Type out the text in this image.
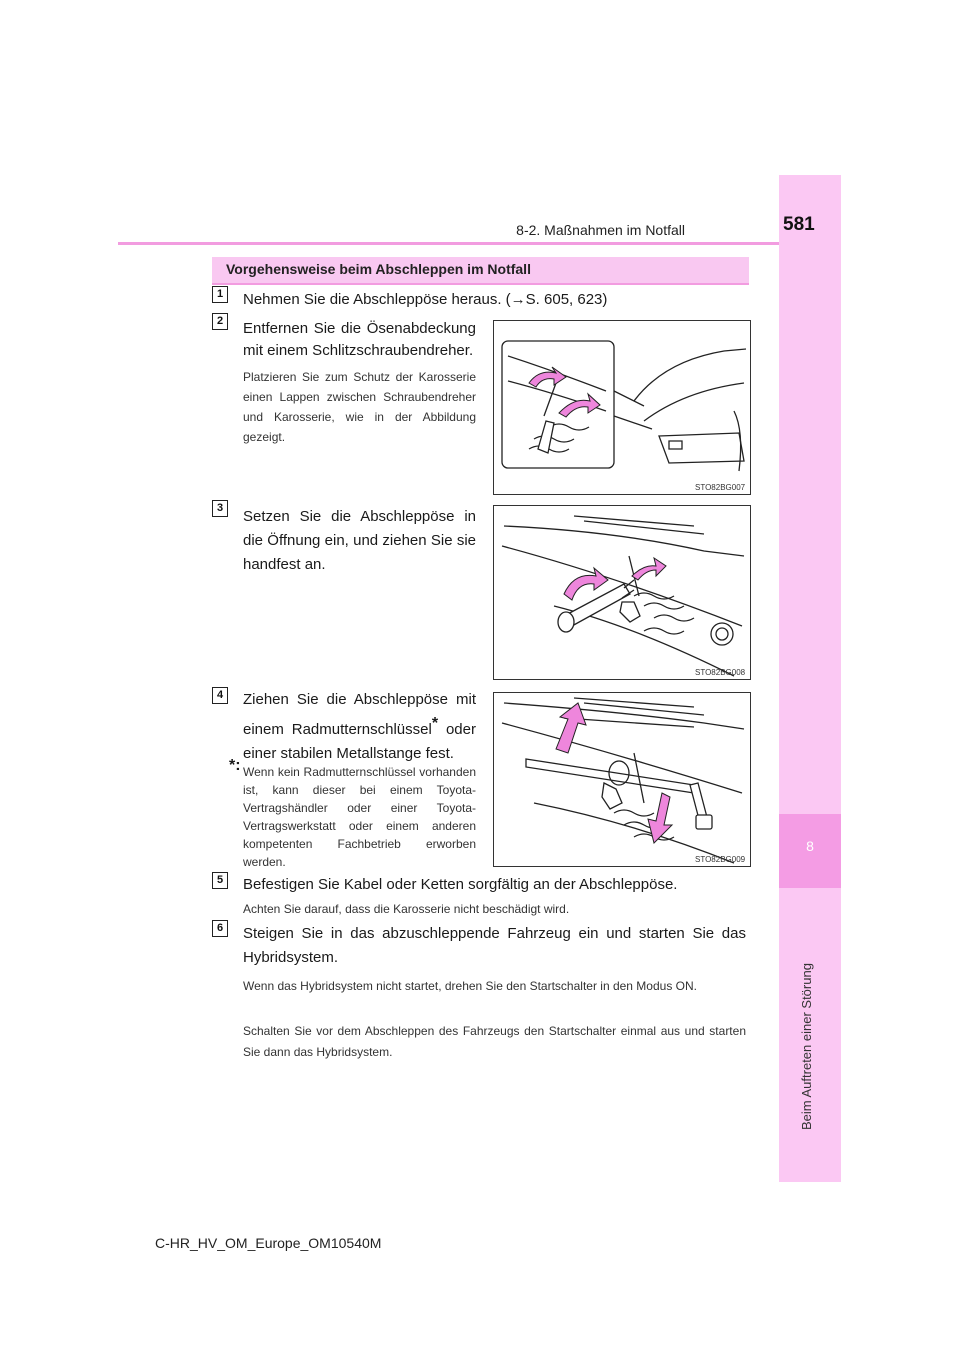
8-2. Maßnahmen im Notfall
8
Beim Auftreten einer Störung
581
Vorgehensweise beim Abschleppen im Notfall
1	Nehmen Sie die Abschleppöse heraus. (→S. 605, 623)
2	Entfernen Sie die Ösenabdeckung mit einem Schlitzschraubendreher.
Platzieren Sie zum Schutz der Karosserie einen Lappen zwischen Schraubendreher und Karosserie, wie in der Abbildung gezeigt.
STO82BG007
3	Setzen Sie die Abschleppöse in die Öffnung ein, und ziehen Sie sie handfest an.
STO82BG008
4	Ziehen Sie die Abschleppöse mit einem Radmutternschlüssel* oder einer stabilen Metallstange fest.
*: Wenn kein Radmutternschlüssel vorhanden ist, kann dieser bei einem Toyota-Vertragshändler oder einer Toyota-Vertragswerkstatt oder einem anderen kompetenten Fachbetrieb erworben werden.	STO82BG009
5	Befestigen Sie Kabel oder Ketten sorgfältig an der Abschleppöse.
Achten Sie darauf, dass die Karosserie nicht beschädigt wird.
6	Steigen Sie in das abzuschleppende Fahrzeug ein und starten Sie das Hybridsystem.
Wenn das Hybridsystem nicht startet, drehen Sie den Startschalter in den Modus ON.
Schalten Sie vor dem Abschleppen des Fahrzeugs den Startschalter einmal aus und starten Sie dann das Hybridsystem.
C-HR_HV_OM_Europe_OM10540M
